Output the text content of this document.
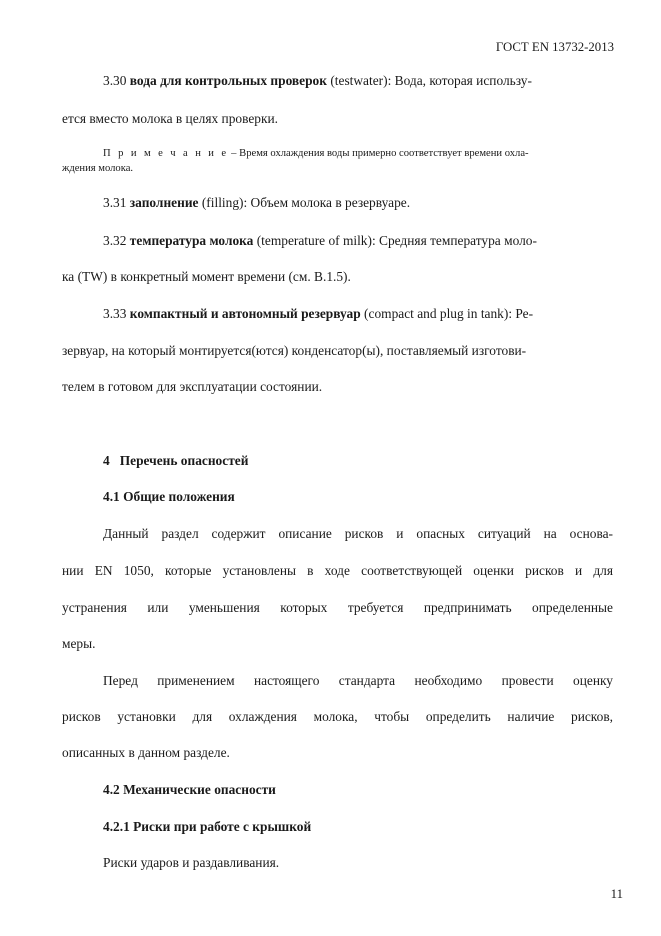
ГОСТ EN 13732-2013
3.30 вода для контрольных проверок (testwater): Вода, которая использу-
ется вместо молока в целях проверки.
П р и м е ч а н и е – Время охлаждения воды примерно соответствует времени охла-
ждения молока.
3.31 заполнение (filling): Объем молока в резервуаре.
3.32 температура молока (temperature of milk): Средняя температура моло-
ка (TW) в конкретный момент времени (см. B.1.5).
3.33 компактный и автономный резервуар (compact and plug in tank): Ре-
зервуар, на который монтируется(ются) конденсатор(ы), поставляемый изготови-
телем в готовом для эксплуатации состоянии.
4   Перечень опасностей
4.1 Общие положения
Данный раздел содержит описание рисков и опасных ситуаций на основа-
нии EN 1050, которые установлены в ходе соответствующей оценки рисков и для
устранения или уменьшения которых требуется предпринимать определенные
меры.
Перед применением настоящего стандарта необходимо провести оценку
рисков установки для охлаждения молока, чтобы определить наличие рисков,
описанных в данном разделе.
4.2 Механические опасности
4.2.1 Риски при работе с крышкой
Риски ударов и раздавливания.
11
